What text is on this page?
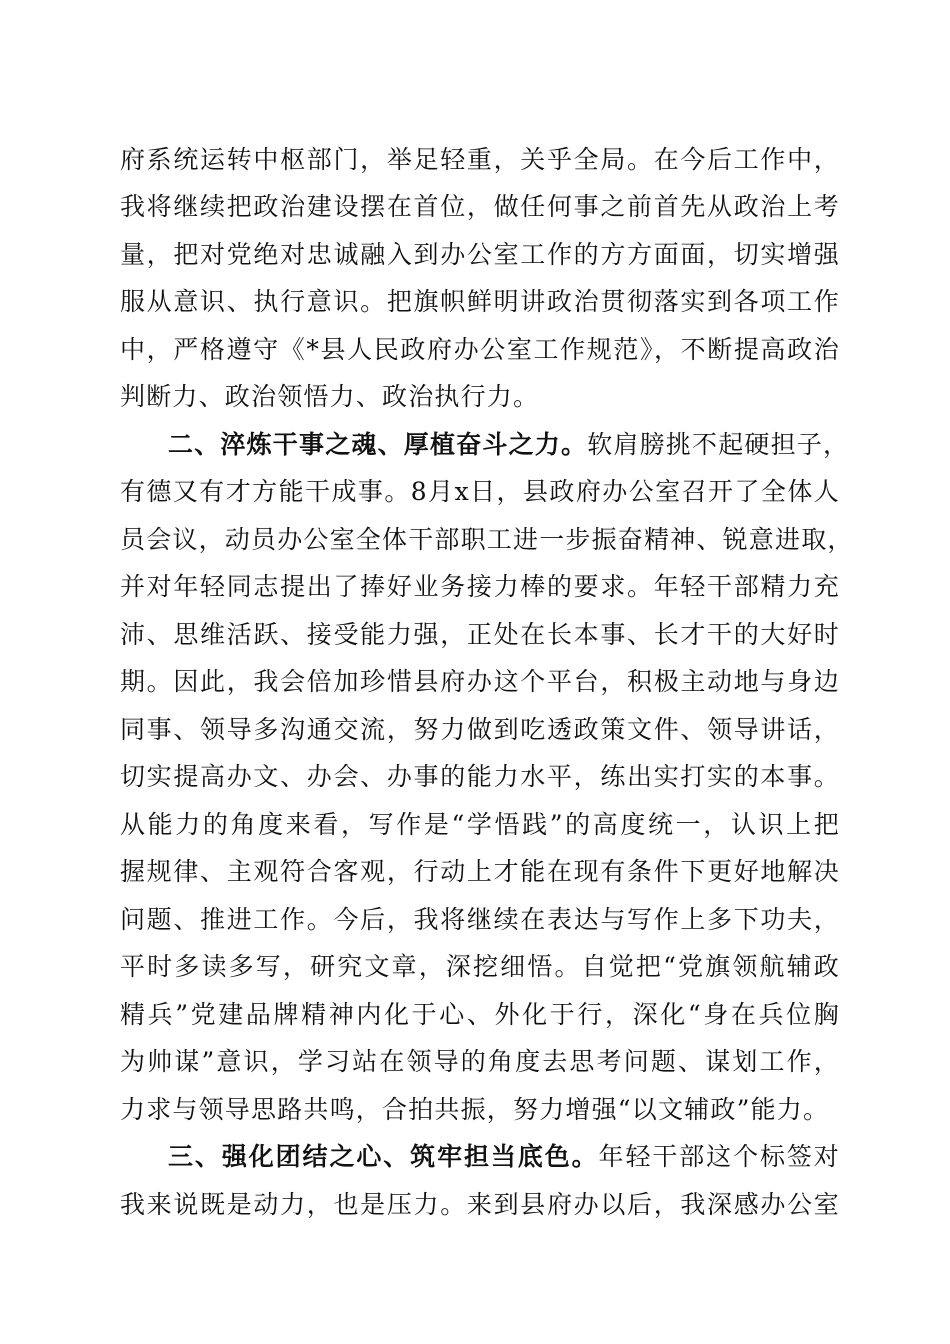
府系统运转中枢部门，举足轻重，关乎全局。在今后工作中，
我将继续把政治建设摆在首位，做任何事之前首先从政治上考
量，把对党绝对忠诚融入到办公室工作的方方面面，切实增强
服从意识、执行意识。把旗帜鲜明讲政治贯彻落实到各项工作
中，严格遵守《*县人民政府办公室工作规范》，不断提高政治
判断力、政治领悟力、政治执行力。
二、淬炼干事之魂、厚植奋斗之力。软肩膀挑不起硬担子，
有德又有才方能干成事。8月x日，县政府办公室召开了全体人
员会议，动员办公室全体干部职工进一步振奋精神、锐意进取，
并对年轻同志提出了捧好业务接力棒的要求。年轻干部精力充
沛、思维活跃、接受能力强，正处在长本事、长才干的大好时
期。因此，我会倍加珍惜县府办这个平台，积极主动地与身边
同事、领导多沟通交流，努力做到吃透政策文件、领导讲话，
切实提高办文、办会、办事的能力水平，练出实打实的本事。
从能力的角度来看，写作是“学悟践”的高度统一，认识上把
握规律、主观符合客观，行动上才能在现有条件下更好地解决
问题、推进工作。今后，我将继续在表达与写作上多下功夫，
平时多读多写，研究文章，深挖细悟。自觉把“党旗领航辅政
精兵”党建品牌精神内化于心、外化于行，深化“身在兵位胸
为帅谋”意识，学习站在领导的角度去思考问题、谋划工作，
力求与领导思路共鸣，合拍共振，努力增强“以文辅政”能力。
三、强化团结之心、筑牢担当底色。年轻干部这个标签对
我来说既是动力，也是压力。来到县府办以后，我深感办公室
